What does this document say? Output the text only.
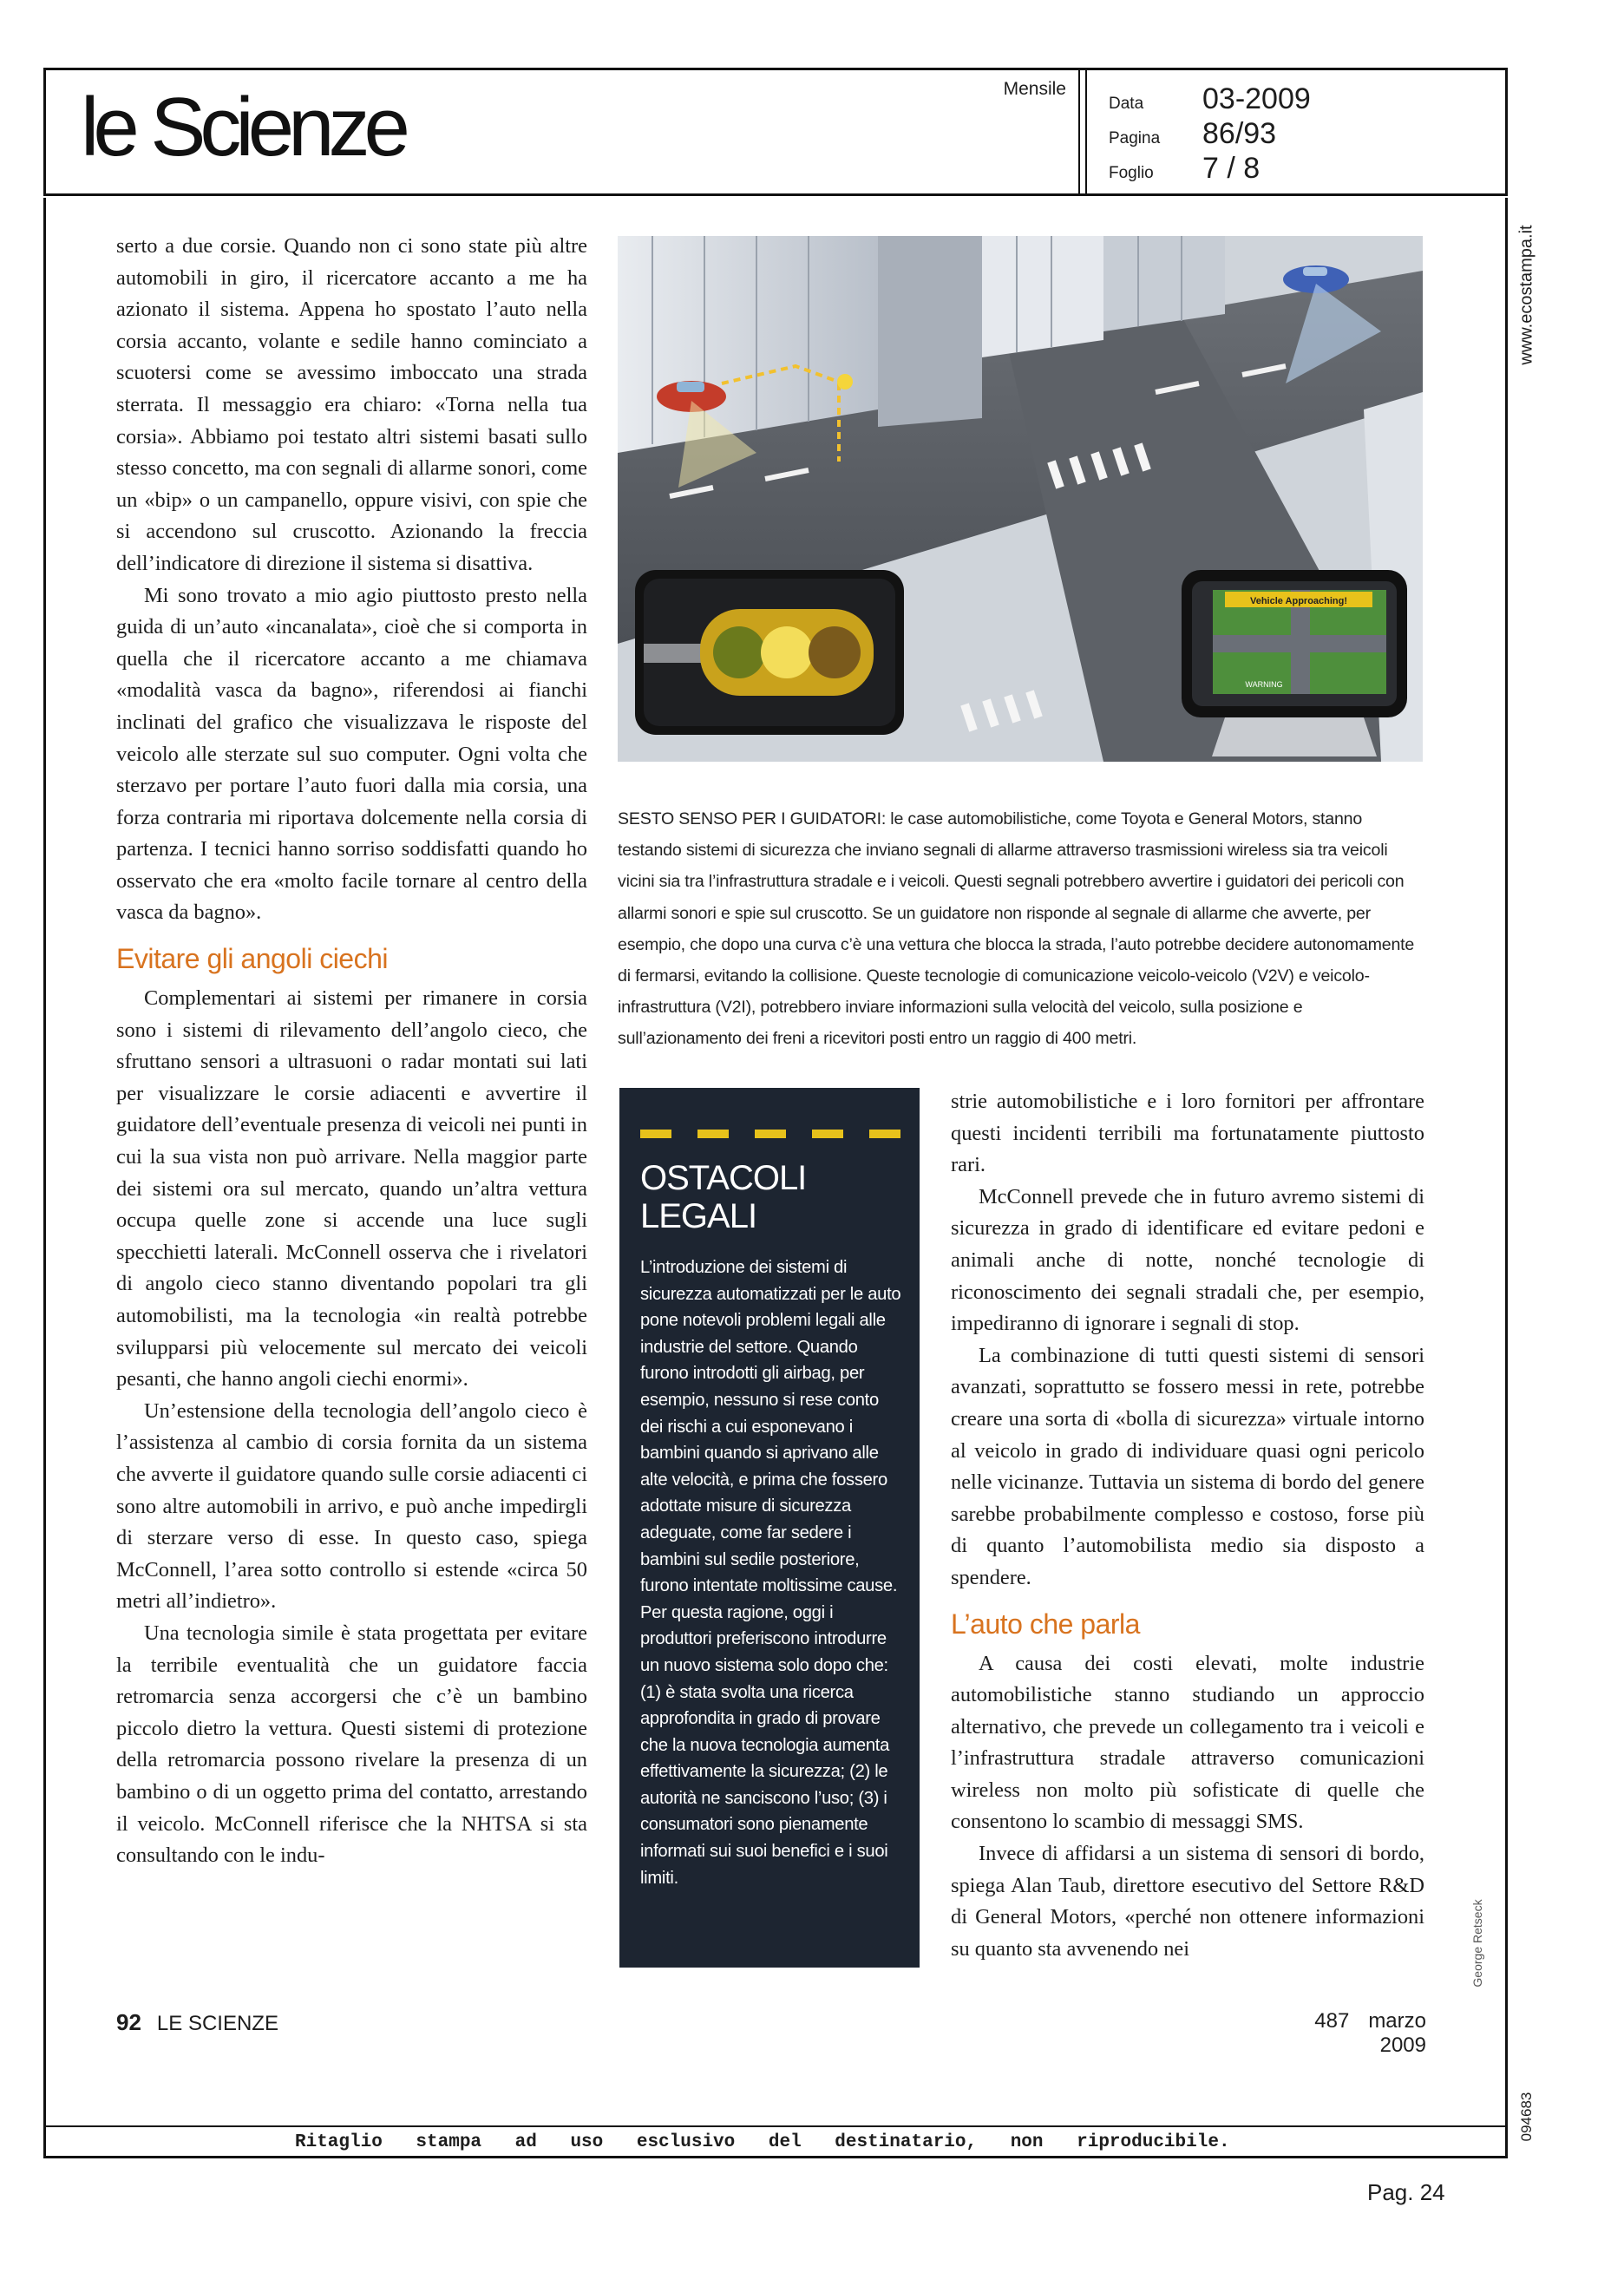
le Scienze	Mensile
Data	03-2009
Pagina	86/93
Foglio	7 / 8
www.ecostampa.it

serto a due corsie. Quando non ci sono state più altre automobili in giro, il ricercatore accanto a me ha azionato il sistema. Appena ho spostato l’auto nella corsia accanto, volante e sedile hanno cominciato a scuotersi come se avessimo imboccato una strada sterrata. Il messaggio era chiaro: «Torna nella tua corsia». Abbiamo poi testato altri sistemi basati sullo stesso concetto, ma con segnali di allarme sonori, come un «bip» o un campanello, oppure visivi, con spie che si accendono sul cruscotto. Azionando la freccia dell’indicatore di direzione il sistema si disattiva.

Mi sono trovato a mio agio piuttosto presto nella guida di un’auto «incanalata», cioè che si comporta in quella che il ricercatore accanto a me chiamava «modalità vasca da bagno», riferendosi ai fianchi inclinati del grafico che visualizzava le risposte del veicolo alle sterzate sul suo computer. Ogni volta che sterzavo per portare l’auto fuori dalla mia corsia, una forza contraria mi riportava dolcemente nella corsia di partenza. I tecnici hanno sorriso soddisfatti quando ho osservato che era «molto facile tornare al centro della vasca da bagno».

Evitare gli angoli ciechi

Complementari ai sistemi per rimanere in corsia sono i sistemi di rilevamento dell’angolo cieco, che sfruttano sensori a ultrasuoni o radar montati sui lati per visualizzare le corsie adiacenti e avvertire il guidatore dell’eventuale presenza di veicoli nei punti in cui la sua vista non può arrivare. Nella maggior parte dei sistemi ora sul mercato, quando un’altra vettura occupa quelle zone si accende una luce sugli specchietti laterali. McConnell osserva che i rivelatori di angolo cieco stanno diventando popolari tra gli automobilisti, ma la tecnologia «in realtà potrebbe svilupparsi più velocemente sul mercato dei veicoli pesanti, che hanno angoli ciechi enormi».

Un’estensione della tecnologia dell’angolo cieco è l’assistenza al cambio di corsia fornita da un sistema che avverte il guidatore quando sulle corsie adiacenti ci sono altre automobili in arrivo, e può anche impedirgli di sterzare verso di esse. In questo caso, spiega McConnell, l’area sotto controllo si estende «circa 50 metri all’indietro».

Una tecnologia simile è stata progettata per evitare la terribile eventualità che un guidatore faccia retromarcia senza accorgersi che c’è un bambino piccolo dietro la vettura. Questi sistemi di protezione della retromarcia possono rivelare la presenza di un bambino o di un oggetto prima del contatto, arrestando il veicolo. McConnell riferisce che la NHTSA si sta consultando con le indu-

Vehicle Approaching!
WARNING
SESTO SENSO PER I GUIDATORI: le case automobilistiche, come Toyota e General Motors, stanno testando sistemi di sicurezza che inviano segnali di allarme attraverso trasmissioni wireless sia tra veicoli vicini sia tra l’infrastruttura stradale e i veicoli. Questi segnali potrebbero avvertire i guidatori dei pericoli con allarmi sonori e spie sul cruscotto. Se un guidatore non risponde al segnale di allarme che avverte, per esempio, che dopo una curva c’è una vettura che blocca la strada, l’auto potrebbe decidere autonomamente di fermarsi, evitando la collisione. Queste tecnologie di comunicazione veicolo-veicolo (V2V) e veicolo-infrastruttura (V2I), potrebbero inviare informazioni sulla velocità del veicolo, sulla posizione e sull’azionamento dei freni a ricevitori posti entro un raggio di 400 metri.
OSTACOLI
LEGALI
L’introduzione dei sistemi di sicurezza automatizzati per le auto pone notevoli problemi legali alle industrie del settore. Quando furono introdotti gli airbag, per esempio, nessuno si rese conto dei rischi a cui esponevano i bambini quando si aprivano alle alte velocità, e prima che fossero adottate misure di sicurezza adeguate, come far sedere i bambini sul sedile posteriore, furono intentate moltissime cause. Per questa ragione, oggi i produttori preferiscono introdurre un nuovo sistema solo dopo che: (1) è stata svolta una ricerca approfondita in grado di provare che la nuova tecnologia aumenta effettivamente la sicurezza; (2) le autorità ne sanciscono l’uso; (3) i consumatori sono pienamente informati sui suoi benefici e i suoi limiti.

strie automobilistiche e i loro fornitori per affrontare questi incidenti terribili ma fortunatamente piuttosto rari.

McConnell prevede che in futuro avremo sistemi di sicurezza in grado di identificare ed evitare pedoni e animali anche di notte, nonché tecnologie di riconoscimento dei segnali stradali che, per esempio, impediranno di ignorare i segnali di stop.

La combinazione di tutti questi sistemi di sensori avanzati, soprattutto se fossero messi in rete, potrebbe creare una sorta di «bolla di sicurezza» virtuale intorno al veicolo in grado di individuare quasi ogni pericolo nelle vicinanze. Tuttavia un sistema di bordo del genere sarebbe probabilmente complesso e costoso, forse più di quanto l’automobilista medio sia disposto a spendere.

L’auto che parla

A causa dei costi elevati, molte industrie automobilistiche stanno studiando un approccio alternativo, che prevede un collegamento tra i veicoli e l’infrastruttura stradale attraverso comunicazioni wireless non molto più sofisticate di quelle che consentono lo scambio di messaggi SMS.

Invece di affidarsi a un sistema di sensori di bordo, spiega Alan Taub, direttore esecutivo del Settore R&D di General Motors, «perché non ottenere informazioni su quanto sta avvenendo nei	George Retseck
92 LE SCIENZE	487 marzo 2009
Ritaglio stampa ad uso esclusivo del destinatario, non riproducibile.
094683
Pag. 24
